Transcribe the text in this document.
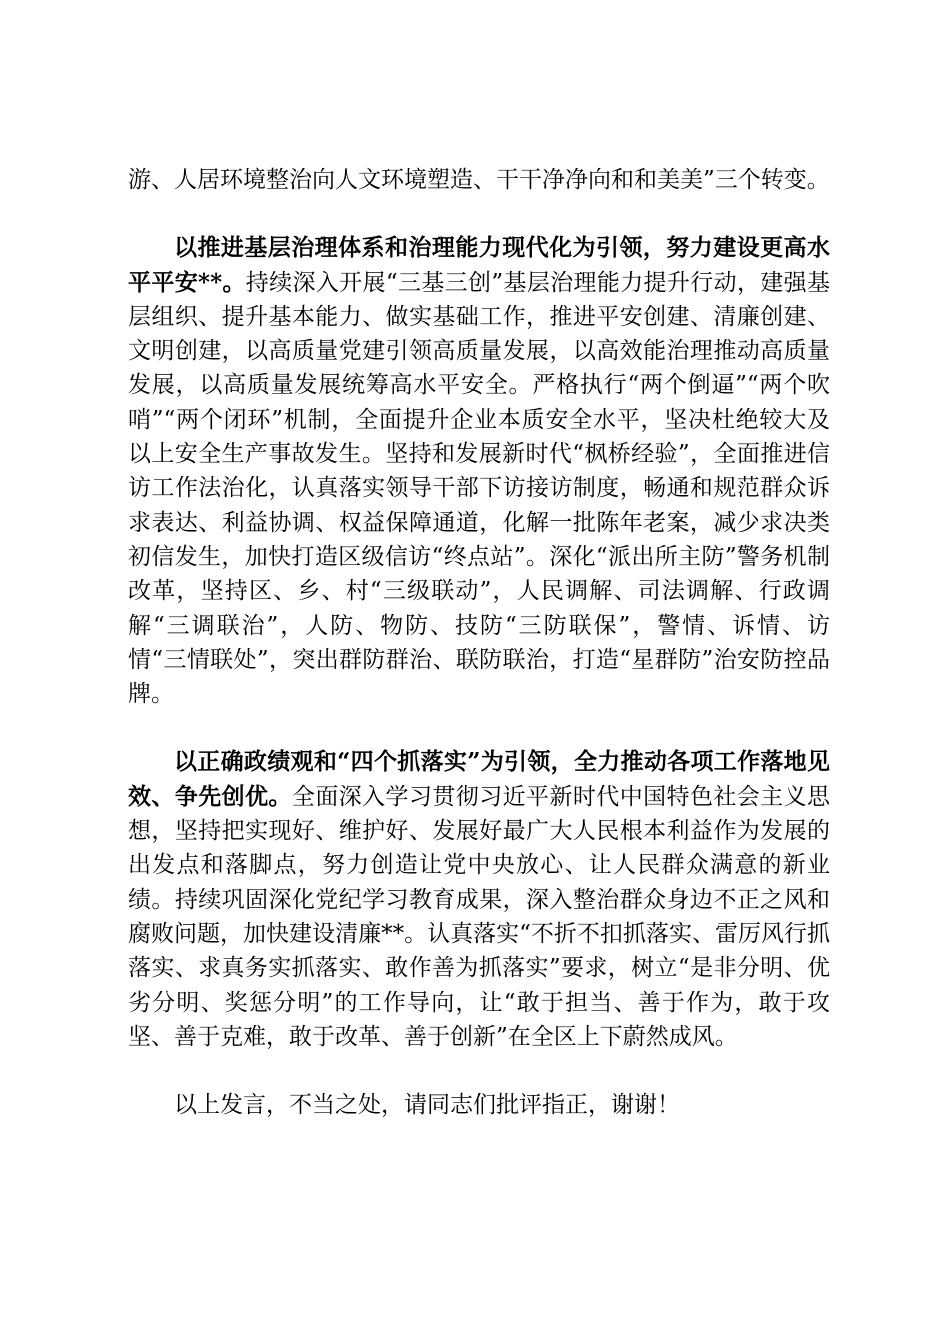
游、人居环境整治向人文环境塑造、干干净净向和和美美”三个转变。

以推进基层治理体系和治理能力现代化为引领，努力建设更高水平平安**。持续深入开展“三基三创”基层治理能力提升行动，建强基层组织、提升基本能力、做实基础工作，推进平安创建、清廉创建、文明创建，以高质量党建引领高质量发展，以高效能治理推动高质量发展，以高质量发展统筹高水平安全。严格执行“两个倒逼”“两个吹哨”“两个闭环”机制，全面提升企业本质安全水平，坚决杜绝较大及以上安全生产事故发生。坚持和发展新时代“枫桥经验”，全面推进信访工作法治化，认真落实领导干部下访接访制度，畅通和规范群众诉求表达、利益协调、权益保障通道，化解一批陈年老案，减少求决类初信发生，加快打造区级信访“终点站”。深化“派出所主防”警务机制改革，坚持区、乡、村“三级联动”，人民调解、司法调解、行政调解“三调联治”，人防、物防、技防“三防联保”，警情、诉情、访情“三情联处”，突出群防群治、联防联治，打造“星群防”治安防控品牌。

以正确政绩观和“四个抓落实”为引领，全力推动各项工作落地见效、争先创优。全面深入学习贯彻习近平新时代中国特色社会主义思想，坚持把实现好、维护好、发展好最广大人民根本利益作为发展的出发点和落脚点，努力创造让党中央放心、让人民群众满意的新业绩。持续巩固深化党纪学习教育成果，深入整治群众身边不正之风和腐败问题，加快建设清廉**。认真落实“不折不扣抓落实、雷厉风行抓落实、求真务实抓落实、敢作善为抓落实”要求，树立“是非分明、优劣分明、奖惩分明”的工作导向，让“敢于担当、善于作为，敢于攻坚、善于克难，敢于改革、善于创新”在全区上下蔚然成风。

以上发言，不当之处，请同志们批评指正，谢谢！
